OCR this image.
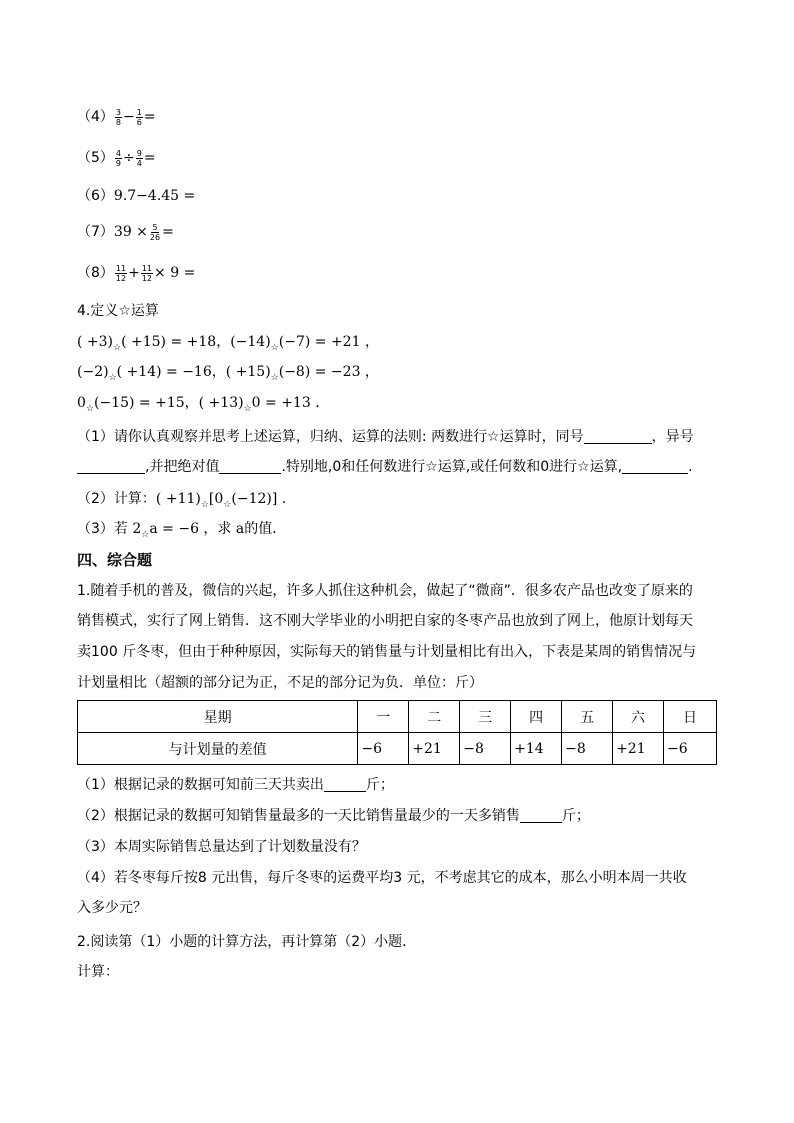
$(4) \frac{3}{8} - \frac{1}{6}$ =
$(5) \frac{4}{9} \div \frac{9}{4}$ =
（6）9.7−4.45 =
$(7)39 \times \frac{5}{26}$ =
$(8) \frac{11}{12} + \frac{11}{12} \times 9$ =
4.定义☆运算
( $+3)_☆( +15) = +18$，$(-14)_☆(-7) = +21$ ，
$(-2)_☆( +14) = -16$，( $+15)_☆(-8) = -23$ ，
$0_☆(-15) = +15$，( $+13)_☆0 = +13$ ．
（1）请你认真观察并思考上述运算，归纳、运算的法则: 两数进行☆运算时，同号	，异号
,并把绝对值	.特别地,0和任何数进行☆运算,或任何数和0进行☆运算,	.
（2）计算：( $+11)_☆[0_☆(-12)]$ ．
（3）若 $2_☆a = -6$ ，求 a的值．
四、综合题
1.随着手机的普及，微信的兴起，许多人抓住这种机会，做起了“微商”．很多农产品也改变了原来的
销售模式，实行了网上销售．这不刚大学毕业的小明把自家的冬枣产品也放到了网上，他原计划每天
卖100 斤冬枣，但由于种种原因，实际每天的销售量与计划量相比有出入，下表是某周的销售情况与
计划量相比（超额的部分记为正，不足的部分记为负．单位：斤）
星期	一	二	三	四	五	六	日
与计划量的差值	−6	+21	−8	+14	−8	+21	−6
（1）根据记录的数据可知前三天共卖出	斤；
（2）根据记录的数据可知销售量最多的一天比销售量最少的一天多销售	斤；
（3）本周实际销售总量达到了计划数量没有？
（4）若冬枣每斤按8 元出售，每斤冬枣的运费平均3 元，不考虑其它的成本，那么小明本周一共收
入多少元？
2.阅读第（1）小题的计算方法，再计算第（2）小题．
计算：
